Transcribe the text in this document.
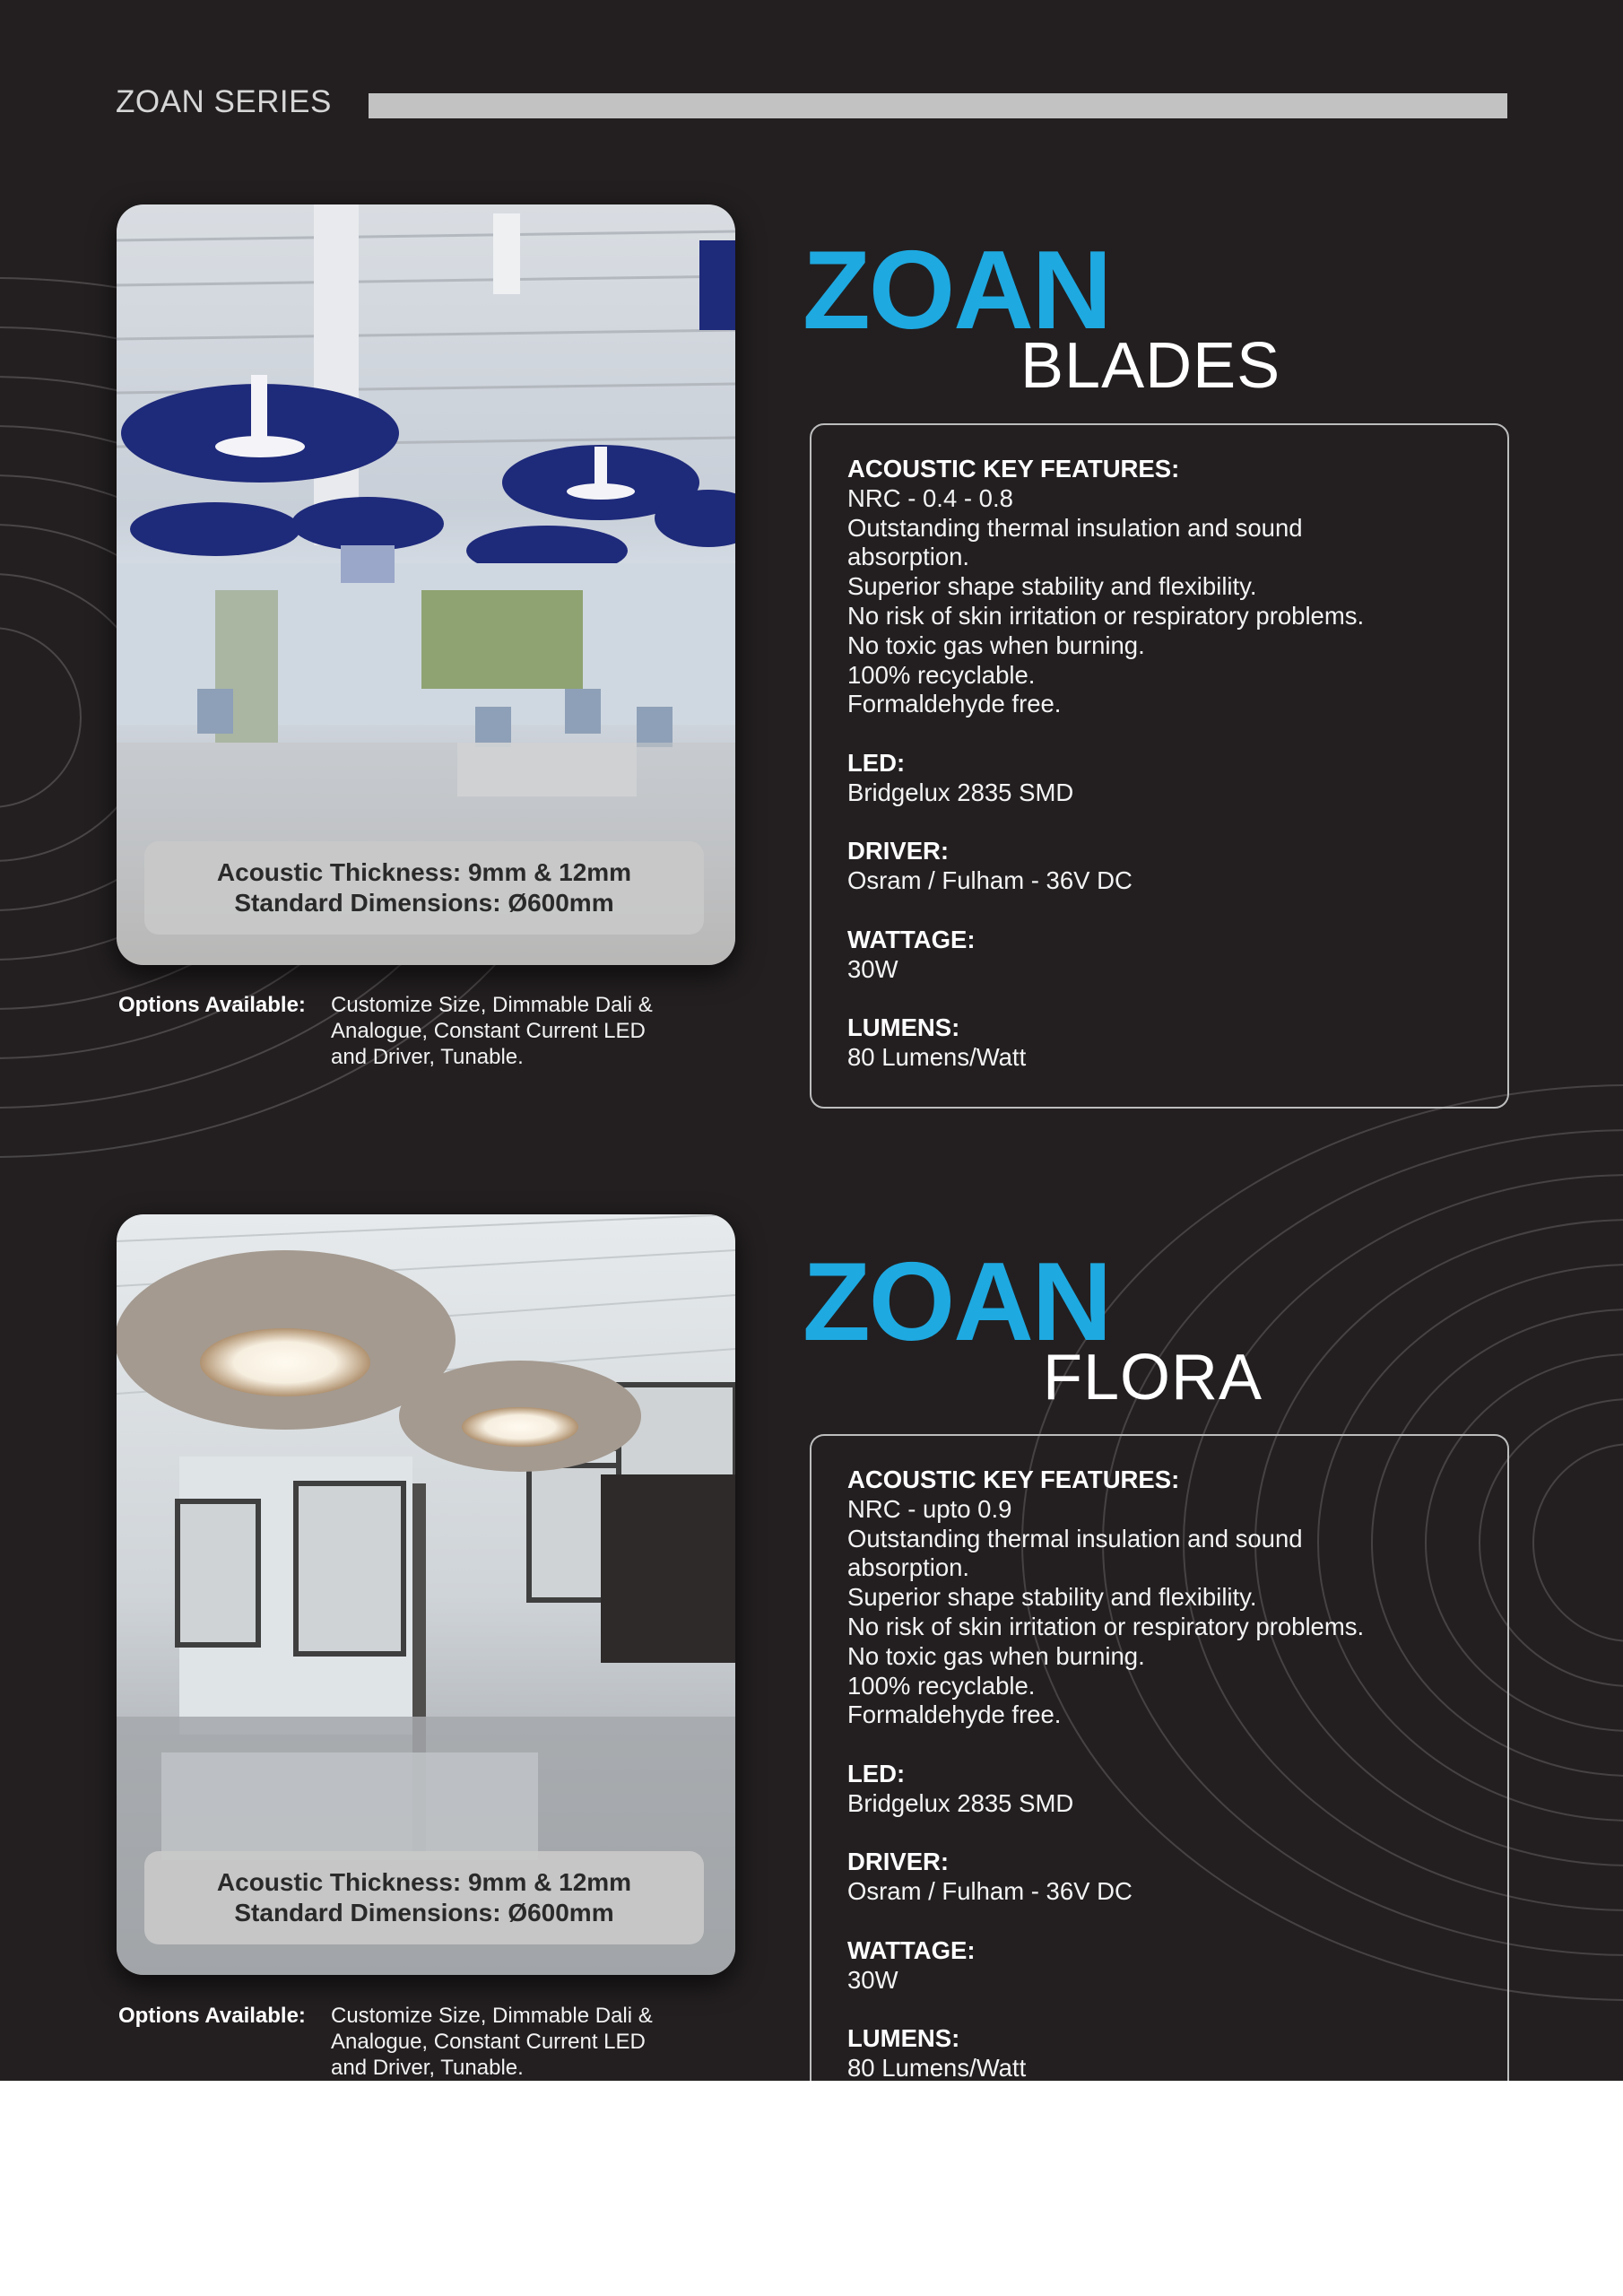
ZOAN SERIES
Acoustic Thickness: 9mm & 12mm
Standard Dimensions: Ø600mm
Options Available: Customize Size, Dimmable Dali &
Analogue, Constant Current LED
and Driver, Tunable.
ZOAN
BLADES
ACOUSTIC KEY FEATURES:
NRC - 0.4 - 0.8
Outstanding thermal insulation and sound
absorption.
Superior shape stability and flexibility.
No risk of skin irritation or respiratory problems.
No toxic gas when burning.
100% recyclable.
Formaldehyde free.
LED:
Bridgelux 2835 SMD
DRIVER:
Osram / Fulham - 36V DC
WATTAGE:
30W
LUMENS:
80 Lumens/Watt
Acoustic Thickness: 9mm & 12mm
Standard Dimensions: Ø600mm
Options Available: Customize Size, Dimmable Dali &
Analogue, Constant Current LED
and Driver, Tunable.
ZOAN
FLORA
ACOUSTIC KEY FEATURES:
NRC - upto 0.9
Outstanding thermal insulation and sound
absorption.
Superior shape stability and flexibility.
No risk of skin irritation or respiratory problems.
No toxic gas when burning.
100% recyclable.
Formaldehyde free.
LED:
Bridgelux 2835 SMD
DRIVER:
Osram / Fulham - 36V DC
WATTAGE:
30W
LUMENS:
80 Lumens/Watt
